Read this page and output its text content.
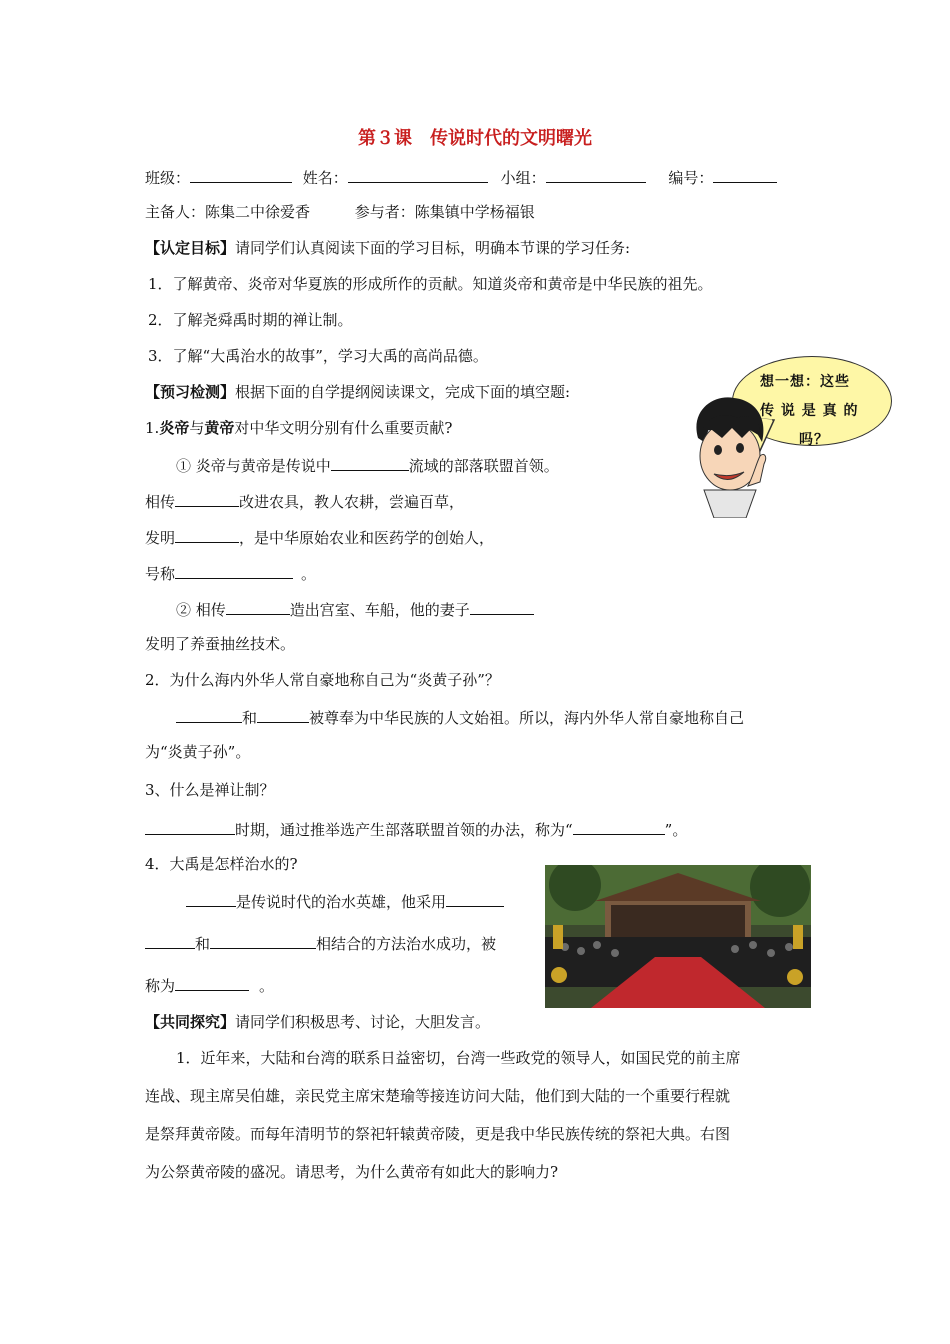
第３课　传说时代的文明曙光
班级：	姓名：	小组：	编号：
主备人：陈集二中徐爱香	参与者：陈集镇中学杨福银
【认定目标】请同学们认真阅读下面的学习目标，明确本节课的学习任务:
1．了解黄帝、炎帝对华夏族的形成所作的贡献。知道炎帝和黄帝是中华民族的祖先。
2．了解尧舜禹时期的禅让制。
3．了解“大禹治水的故事”，学习大禹的高尚品德。
【预习检测】根据下面的自学提纲阅读课文，完成下面的填空题:
1.炎帝与黄帝对中华文明分别有什么重要贡献?
① 炎帝与黄帝是传说中	流域的部落联盟首领。
相传	改进农具，教人农耕，尝遍百草，
发明	，是中华原始农业和医药学的创始人，
号称	。
② 相传	造出宫室、车船，他的妻子
发明了养蚕抽丝技术。
2．为什么海内外华人常自豪地称自己为“炎黄子孙”？
和	被尊奉为中华民族的人文始祖。所以，海内外华人常自豪地称自己
为“炎黄子孙”。
3、什么是禅让制？
时期，通过推举选产生部落联盟首领的办法，称为“	”。
4．大禹是怎样治水的?
是传说时代的治水英雄，他采用
和	相结合的方法治水成功，被
称为	。
【共同探究】请同学们积极思考、讨论，大胆发言。
1．近年来，大陆和台湾的联系日益密切，台湾一些政党的领导人，如国民党的前主席
连战、现主席吴伯雄，亲民党主席宋楚瑜等接连访问大陆，他们到大陆的一个重要行程就
是祭拜黄帝陵。而每年清明节的祭祀轩辕黄帝陵，更是我中华民族传统的祭祀大典。右图
为公祭黄帝陵的盛况。请思考，为什么黄帝有如此大的影响力?
想一想：这些
传 说 是 真 的
吗？
